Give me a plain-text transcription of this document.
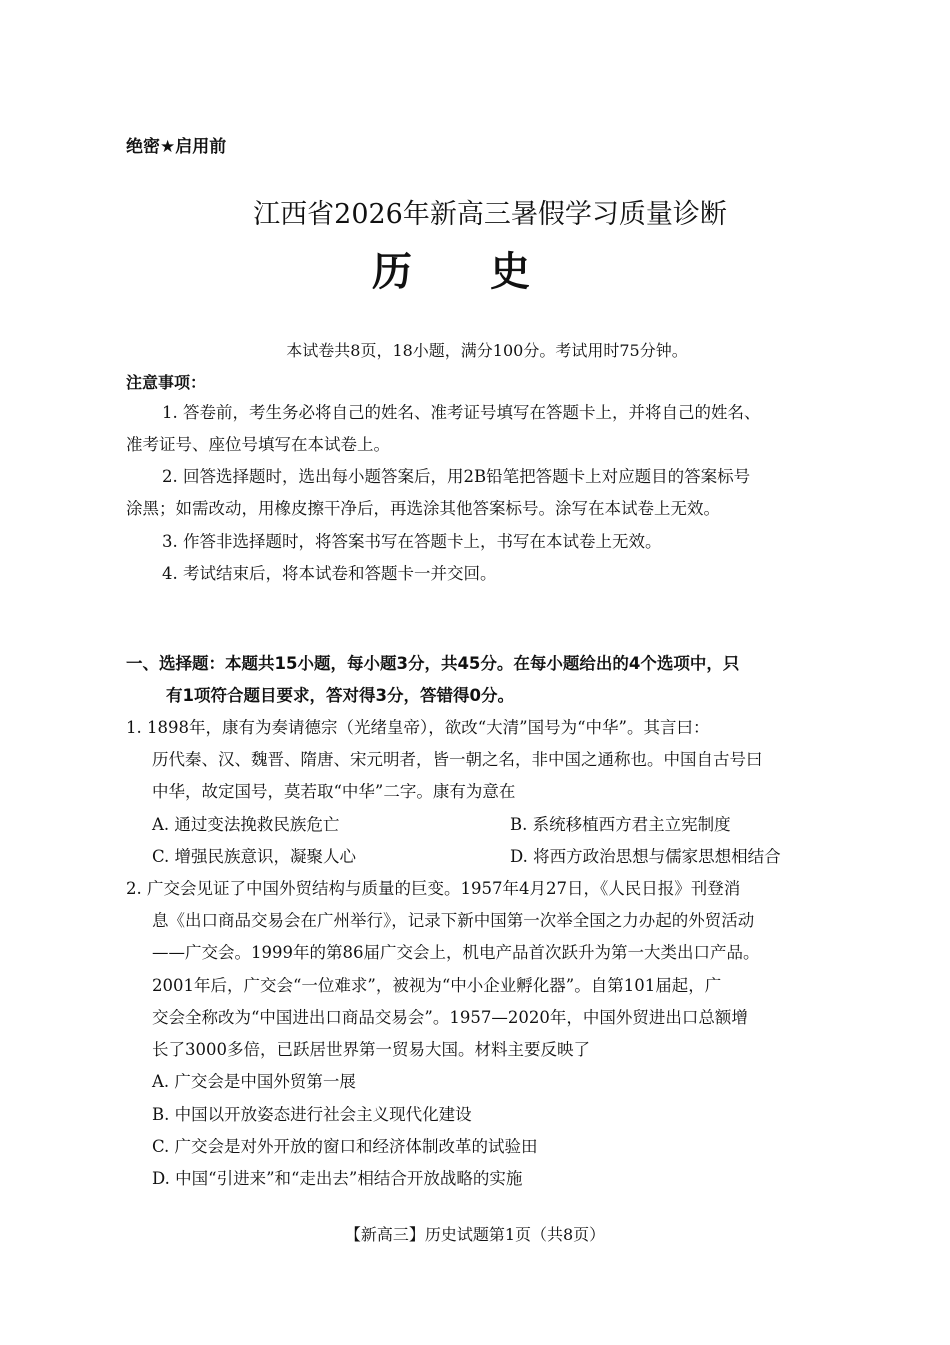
绝密★启用前
江西省2026年新高三暑假学习质量诊断
历史
本试卷共8页，18小题，满分100分。考试用时75分钟。
注意事项：
1. 答卷前，考生务必将自己的姓名、准考证号填写在答题卡上，并将自己的姓名、
准考证号、座位号填写在本试卷上。
2. 回答选择题时，选出每小题答案后，用2B铅笔把答题卡上对应题目的答案标号
涂黑；如需改动，用橡皮擦干净后，再选涂其他答案标号。涂写在本试卷上无效。
3. 作答非选择题时，将答案书写在答题卡上，书写在本试卷上无效。
4. 考试结束后，将本试卷和答题卡一并交回。
一、选择题：本题共15小题，每小题3分，共45分。在每小题给出的4个选项中，只
有1项符合题目要求，答对得3分，答错得0分。
1. 1898年，康有为奏请德宗（光绪皇帝），欲改“大清”国号为“中华”。其言曰：
历代秦、汉、魏晋、隋唐、宋元明者，皆一朝之名，非中国之通称也。中国自古号曰
中华，故定国号，莫若取“中华”二字。康有为意在
A. 通过变法挽救民族危亡	B. 系统移植西方君主立宪制度
C. 增强民族意识，凝聚人心	D. 将西方政治思想与儒家思想相结合
2. 广交会见证了中国外贸结构与质量的巨变。1957年4月27日，《人民日报》刊登消
息《出口商品交易会在广州举行》，记录下新中国第一次举全国之力办起的外贸活动
——广交会。1999年的第86届广交会上，机电产品首次跃升为第一大类出口产品。
2001年后，广交会“一位难求”，被视为“中小企业孵化器”。自第101届起，广
交会全称改为“中国进出口商品交易会”。1957—2020年，中国外贸进出口总额增
长了3000多倍，已跃居世界第一贸易大国。材料主要反映了
A. 广交会是中国外贸第一展
B. 中国以开放姿态进行社会主义现代化建设
C. 广交会是对外开放的窗口和经济体制改革的试验田
D. 中国“引进来”和“走出去”相结合开放战略的实施
【新高三】历史试题第1页（共8页）
